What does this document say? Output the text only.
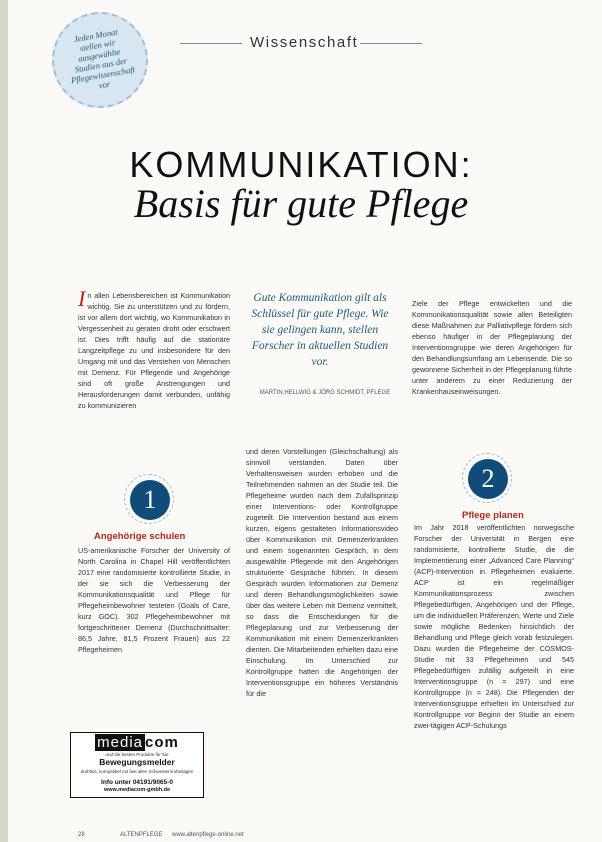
Jeden Monat stellen wir ausgewählte Studien aus der Pflegewissenschaft vor
Wissenschaft
KOMMUNIKATION:
Basis für gute Pflege
In allen Lebensbereichen ist Kommunikation wichtig. Sie zu unterstützen und zu fördern, ist vor allem dort wichtig, wo Kommunikation in Vergessenheit zu geraten droht oder erschwert ist. Dies trifft häufig auf die stationäre Langzeitpflege zu und insbesondere für den Umgang mit und das Verstehen von Menschen mit Demenz. Für Pflegende und Angehörige sind oft große Anstrengungen und Herausforderungen damit verbunden, unfähig zu kommunizieren
Gute Kommunikation gilt als Schlüssel für gute Pflege. Wie sie gelingen kann, stellen Forscher in aktuellen Studien vor.
MARTIN HELLWIG & JÖRG SCHMIDT, PFLEGE
Ziele der Pflege entwickelten und die Kommunikationsqualität sowie allen Beteiligten diese Maßnahmen zur Palliativpflege fördern sich ebenso häufiger in der Pflegeplanung der Interventionsgruppe wie deren Angehörigen für den Behandlungsumfang am Lebensende. Die so gewonnene Sicherheit in der Pflegeplanung führte unter anderem zu einer Reduzierung der Krankenhauseinweisungen.
1
Angehörige schulen
US-amerikanische Forscher der University of North Carolina in Chapel Hill veröffentlichten 2017 eine randomisierte kontrollierte Studie, in der sie sich die Verbesserung der Kommunikationsqualität und Pflege für Pflegeheimbewohner testeten (Goals of Care, kurz GOC). 302 Pflegeheimbewohner mit fortgeschrittener Demenz (Durchschnittsalter: 86,5 Jahre, 81,5 Prozent Frauen) aus 22 Pflegeheimen
und deren Vorstellungen (Gleichschaltung) als sinnvoll verstanden. Daten über Verhaltensweisen wurden erhoben und die Teilnehmenden nahmen an der Studie teil. Die Pflegeheime wurden nach dem Zufallsprinzip einer Interventions- oder Kontrollgruppe zugeteilt. Die Intervention bestand aus einem kurzen, eigens gestalteten Informationsvideo über Kommunikation mit Demenzerkrankten und einem sogenannten Gespräch, in dem ausgewählte Pflegende mit den Angehörigen strukturierte Gespräche führten. In diesem Gespräch wurden Informationen zur Demenz und deren Behandlungsmöglichkeiten sowie über das weitere Leben mit Demenz vermittelt, so dass die Entscheidungen für die Pflegeplanung und zur Verbesserung der Kommunikation mit einem Demenzerkrankten dienten. Die Mitarbeitenden erhielten dazu eine Einschulung. Im Unterschied zur Kontrollgruppe hatten die Angehörigen der Interventionsgruppe ein höheres Verständnis für die
2
Pflege planen
Im Jahr 2018 veröffentlichten norwegische Forscher der Universität in Bergen eine randomisierte, kontrollierte Studie, die die Implementierung einer „Advanced Care Planning“ (ACP)-Intervention in Pflegeheimen evaluierte. ACP ist ein regelmäßiger Kommunikationsprozess zwischen Pflegebedürftigen, Angehörigen und der Pflege, um die individuellen Präferenzen, Werte und Ziele sowie mögliche Bedenken hinsichtlich der Behandlung und Pflege gleich vorab festzulegen. Dazu wurden die Pflegeheime der COSMOS-Studie mit 33 Pflegeheimen und 545 Pflegebedürftigen zufällig aufgeteilt in eine Interventionsgruppe (n = 297) und eine Kontrollgruppe (n = 248). Die Pflegenden der Interventionsgruppe erhielten im Unterschied zur Kontrollgruppe vor Beginn der Studie an einem zwei-tägigen ACP-Schulungs
media com
und die besten Produkte für Sie
Bewegungsmelder
drahtlos, kompatibel mit fast allen Schwesternrufanlagen
Info unter 04191/9065-0
www.mediacom-gmbh.de
28	ALTENPFLEGE www.altenpflege-online.net
